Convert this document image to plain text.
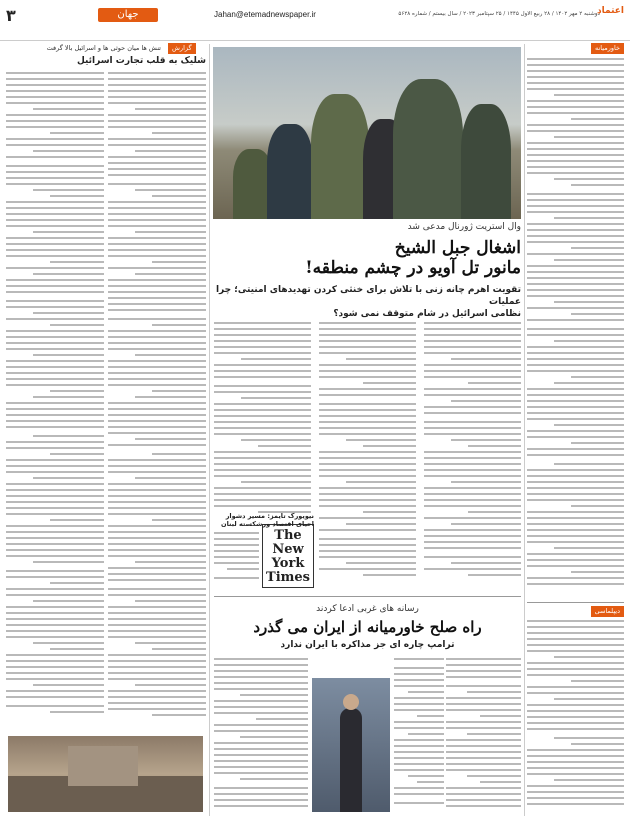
۳	جهان	Jahan@etemadnewspaper.ir	دوشنبه ۲ مهر ۱۴۰۲ / ۲۸ ربیع الاول ۱۴۴۵ / ۲۵ سپتامبر ۲۰۲۳ / سال بیستم / شماره ۵۶۲۸
اعتماد
خاورمیانه
دیپلماسی
وال استریت ژورنال مدعی شد
اشغال جبل الشیخ
مانور تل آویو در چشم منطقه!
تقویت اهرم چانه زنی با تلاش برای خنثی کردن تهدیدهای امنیتی؛ چرا عملیات
نظامی اسرائیل در شام متوقف نمی شود؟
The
New York
Times
نیویورک تایمز: مسیر دشوار احیای اقتصاد ورشکسته لبنان
رسانه های غربی ادعا کردند
راه صلح خاورمیانه از ایران می گذرد
ترامپ چاره ای جز مذاکره با ایران ندارد
گزارش
تنش ها میان حوثی ها و اسرائیل بالا گرفت
شلیک به قلب تجارت اسرائیل
